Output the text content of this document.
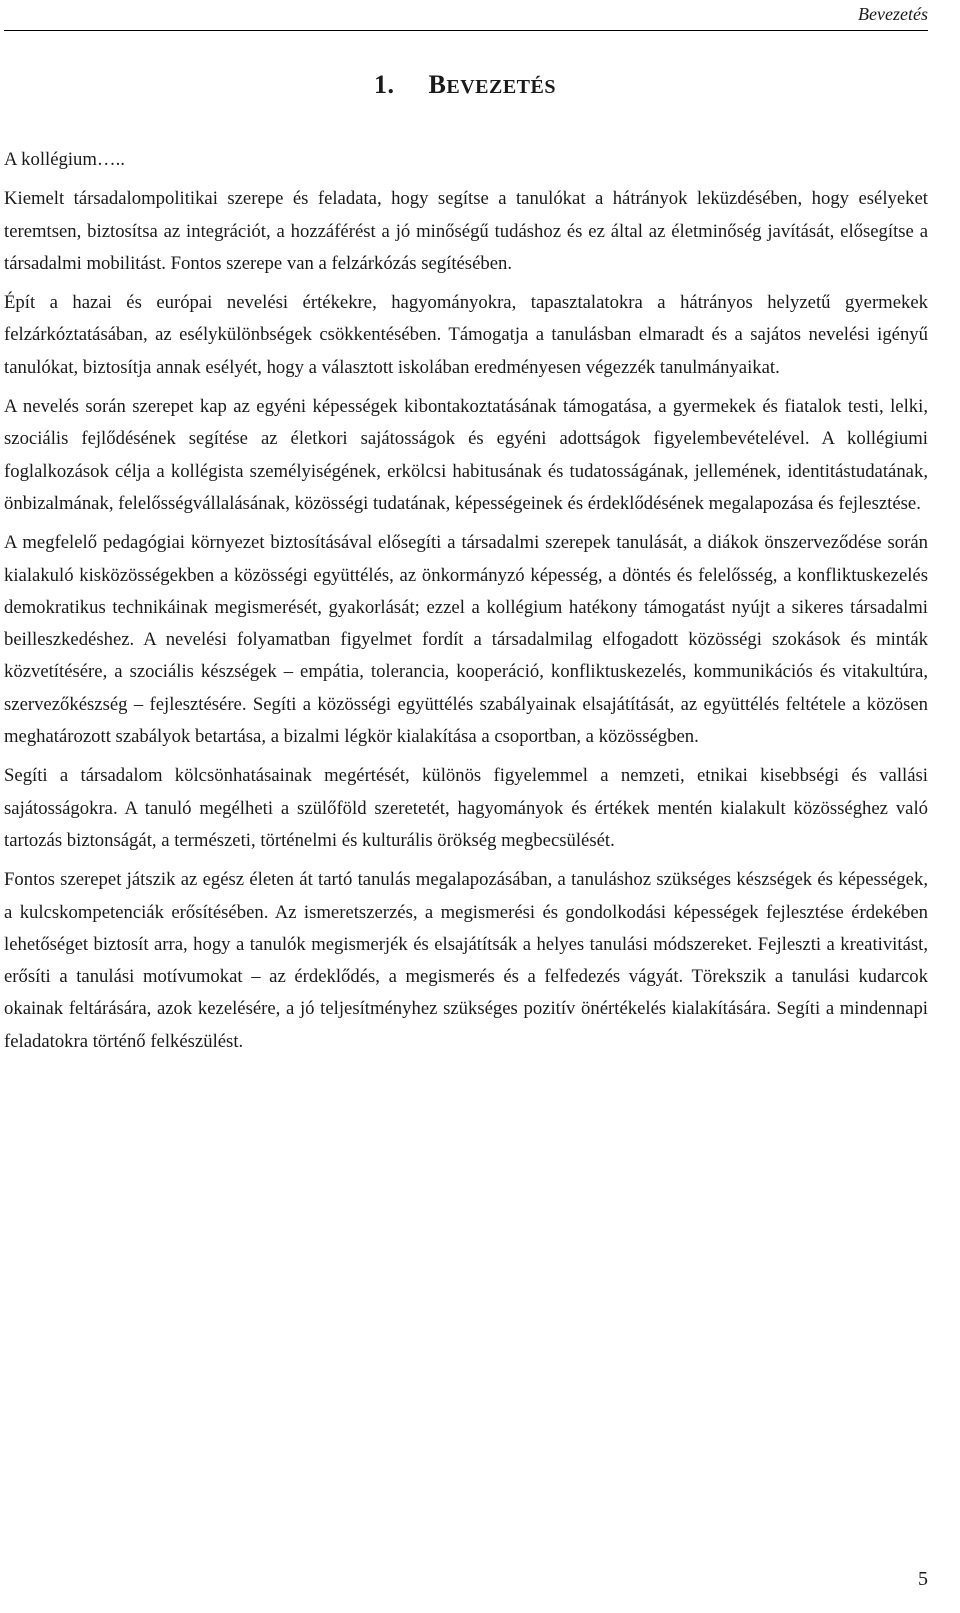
Bevezetés
1. BEVEZETÉS
A kollégium…..

Kiemelt társadalompolitikai szerepe és feladata, hogy segítse a tanulókat a hátrányok leküzdésében, hogy esélyeket teremtsen, biztosítsa az integrációt, a hozzáférést a jó minőségű tudáshoz és ez által az életminőség javítását, elősegítse a társadalmi mobilitást. Fontos szerepe van a felzárkózás segítésében.

Épít a hazai és európai nevelési értékekre, hagyományokra, tapasztalatokra a hátrányos helyzetű gyermekek felzárkóztatásában, az esélykülönbségek csökkentésében. Támogatja a tanulásban elmaradt és a sajátos nevelési igényű tanulókat, biztosítja annak esélyét, hogy a választott iskolában eredményesen végezzék tanulmányaikat.

A nevelés során szerepet kap az egyéni képességek kibontakoztatásának támogatása, a gyermekek és fiatalok testi, lelki, szociális fejlődésének segítése az életkori sajátosságok és egyéni adottságok figyelembevételével. A kollégiumi foglalkozások célja a kollégista személyiségének, erkölcsi habitusának és tudatosságának, jellemének, identitástudatának, önbizalmának, felelősségvállalásának, közösségi tudatának, képességeinek és érdeklődésének megalapozása és fejlesztése.

A megfelelő pedagógiai környezet biztosításával elősegíti a társadalmi szerepek tanulását, a diákok önszerveződése során kialakuló kisközösségekben a közösségi együttélés, az önkormányzó képesség, a döntés és felelősség, a konfliktuskezelés demokratikus technikáinak megismerését, gyakorlását; ezzel a kollégium hatékony támogatást nyújt a sikeres társadalmi beilleszkedéshez. A nevelési folyamatban figyelmet fordít a társadalmilag elfogadott közösségi szokások és minták közvetítésére, a szociális készségek – empátia, tolerancia, kooperáció, konfliktuskezelés, kommunikációs és vitakultúra, szervezőkészség – fejlesztésére. Segíti a közösségi együttélés szabályainak elsajátítását, az együttélés feltétele a közösen meghatározott szabályok betartása, a bizalmi légkör kialakítása a csoportban, a közösségben.

Segíti a társadalom kölcsönhatásainak megértését, különös figyelemmel a nemzeti, etnikai kisebbségi és vallási sajátosságokra. A tanuló megélheti a szülőföld szeretetét, hagyományok és értékek mentén kialakult közösséghez való tartozás biztonságát, a természeti, történelmi és kulturális örökség megbecsülését.

Fontos szerepet játszik az egész életen át tartó tanulás megalapozásában, a tanuláshoz szükséges készségek és képességek, a kulcskompetenciák erősítésében. Az ismeretszerzés, a megismerési és gondolkodási képességek fejlesztése érdekében lehetőséget biztosít arra, hogy a tanulók megismerjék és elsajátítsák a helyes tanulási módszereket. Fejleszti a kreativitást, erősíti a tanulási motívumokat – az érdeklődés, a megismerés és a felfedezés vágyát. Törekszik a tanulási kudarcok okainak feltárására, azok kezelésére, a jó teljesítményhez szükséges pozitív önértékelés kialakítására. Segíti a mindennapi feladatokra történő felkészülést.

5
